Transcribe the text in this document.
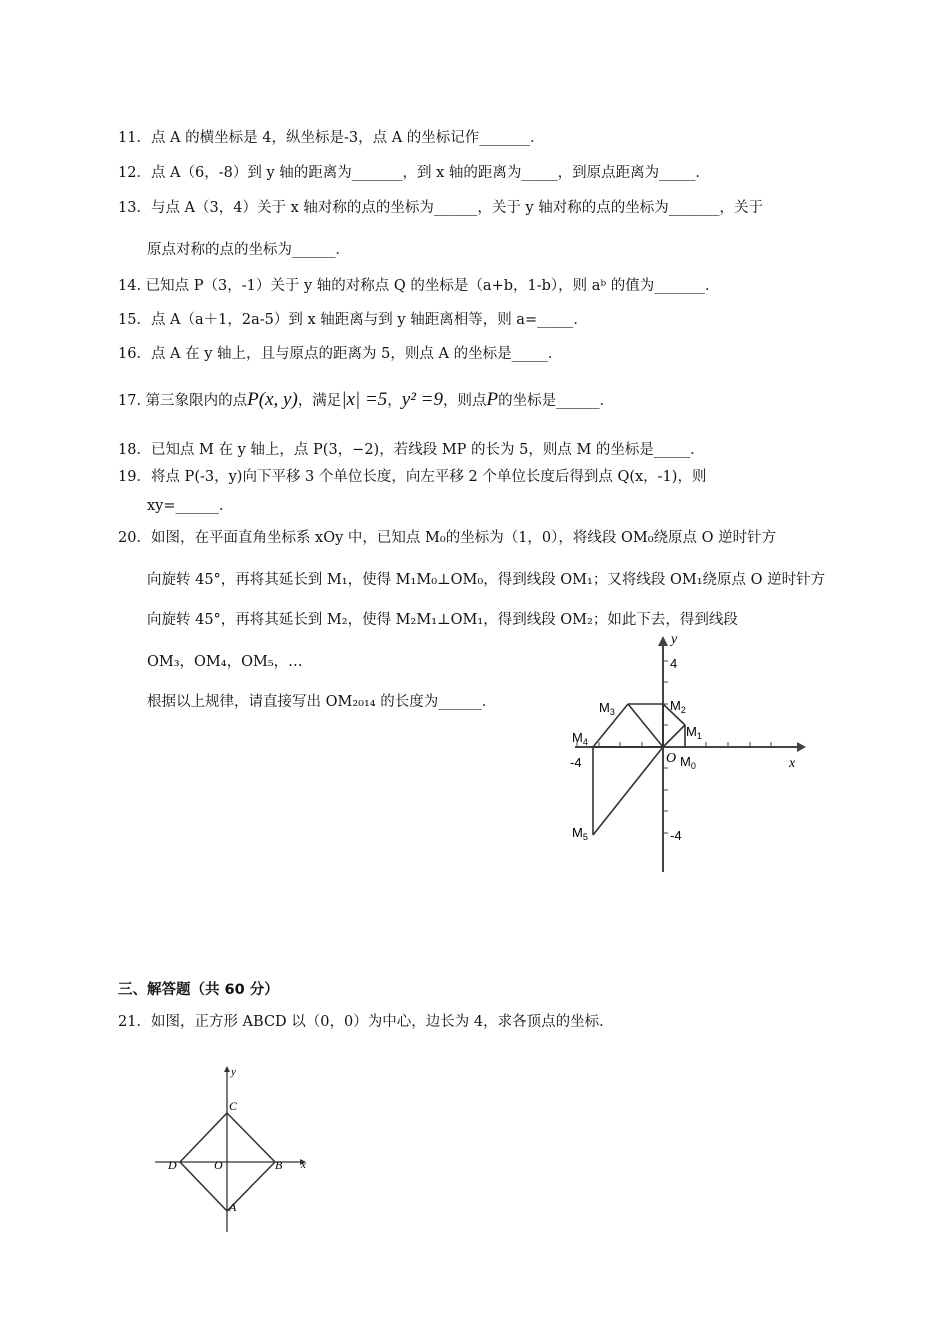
11．点 A 的横坐标是 4，纵坐标是-3，点 A 的坐标记作_______．
12．点 A（6，-8）到 y 轴的距离为_______，到 x 轴的距离为_____，到原点距离为_____．
13．与点 A（3，4）关于 x 轴对称的点的坐标为______，关于 y 轴对称的点的坐标为_______，关于
原点对称的点的坐标为______．
14. 已知点 P（3，-1）关于 y 轴的对称点 Q 的坐标是（a+b，1-b），则 aᵇ 的值为_______．
15．点 A（a＋1，2a-5）到 x 轴距离与到 y 轴距离相等，则 a=_____．
16．点 A 在 y 轴上，且与原点的距离为 5，则点 A 的坐标是_____．
17. 第三象限内的点P(x, y)，满足|x| =5，y² =9，则点P的坐标是______．
18．已知点 M 在 y 轴上，点 P(3，−2)，若线段 MP 的长为 5，则点 M 的坐标是_____．
19．将点 P(-3，y)向下平移 3 个单位长度，向左平移 2 个单位长度后得到点 Q(x，-1)，则
xy=______．
20．如图，在平面直角坐标系 xOy 中，已知点 M₀的坐标为（1，0），将线段 OM₀绕原点 O 逆时针方
向旋转 45°，再将其延长到 M₁，使得 M₁M₀⊥OM₀，得到线段 OM₁；又将线段 OM₁绕原点 O 逆时针方
向旋转 45°，再将其延长到 M₂，使得 M₂M₁⊥OM₁，得到线段 OM₂；如此下去，得到线段
OM₃，OM₄，OM₅，…
根据以上规律，请直接写出 OM₂₀₁₄ 的长度为______．
4
-4
-4	x
y
O $M_0$
$M_1$
$M_2$
$M_3$
$M_4$
$M_5$
三、解答题（共 60 分）
21．如图，正方形 ABCD 以（0，0）为中心，边长为 4，求各顶点的坐标．
y
x
C
B
D
A
O
